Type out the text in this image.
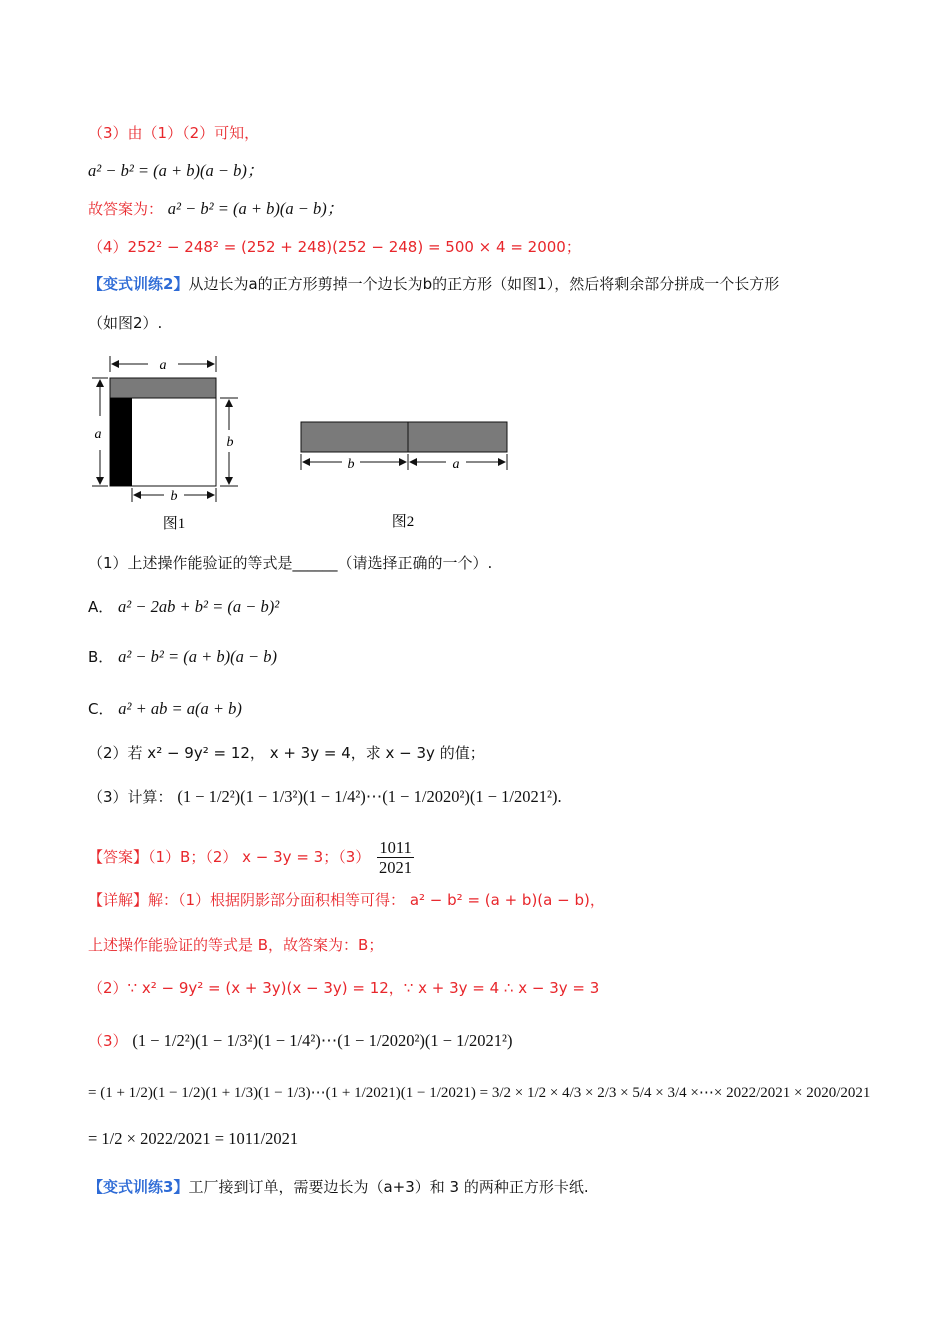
（3）由（1）（2）可知，
a² − b² = (a + b)(a − b)；
故答案为： a² − b² = (a + b)(a − b)；
（4）252² − 248² = (252 + 248)(252 − 248) = 500 × 4 = 2000；
【变式训练2】从边长为a的正方形剪掉一个边长为b的正方形（如图1），然后将剩余部分拼成一个长方形
（如图2）.
a
a
b
b
图1
b	a
图2
（1）上述操作能验证的等式是______（请选择正确的一个）.
A． a² − 2ab + b² = (a − b)²
B． a² − b² = (a + b)(a − b)
C． a² + ab = a(a + b)
（2）若 x² − 9y² = 12， x + 3y = 4，求 x − 3y 的值；
（3）计算： (1 − 1/2²)(1 − 1/3²)(1 − 1/4²)⋯(1 − 1/2020²)(1 − 1/2021²).
【答案】（1）B；（2） x − 3y = 3；$(3) \frac{1011}{2021}$
【详解】解：（1）根据阴影部分面积相等可得： a² − b² = (a + b)(a − b)，
上述操作能验证的等式是 B，故答案为：B；
（2）∵ x² − 9y² = (x + 3y)(x − 3y) = 12，∵ x + 3y = 4 ∴ x − 3y = 3
（3） (1 − 1/2²)(1 − 1/3²)(1 − 1/4²)⋯(1 − 1/2020²)(1 − 1/2021²)
= (1 + 1/2)(1 − 1/2)(1 + 1/3)(1 − 1/3)⋯(1 + 1/2021)(1 − 1/2021) = 3/2 × 1/2 × 4/3 × 2/3 × 5/4 × 3/4 ×⋯× 2022/2021 × 2020/2021
= 1/2 × 2022/2021 = 1011/2021
【变式训练3】工厂接到订单，需要边长为（a+3）和 3 的两种正方形卡纸.
